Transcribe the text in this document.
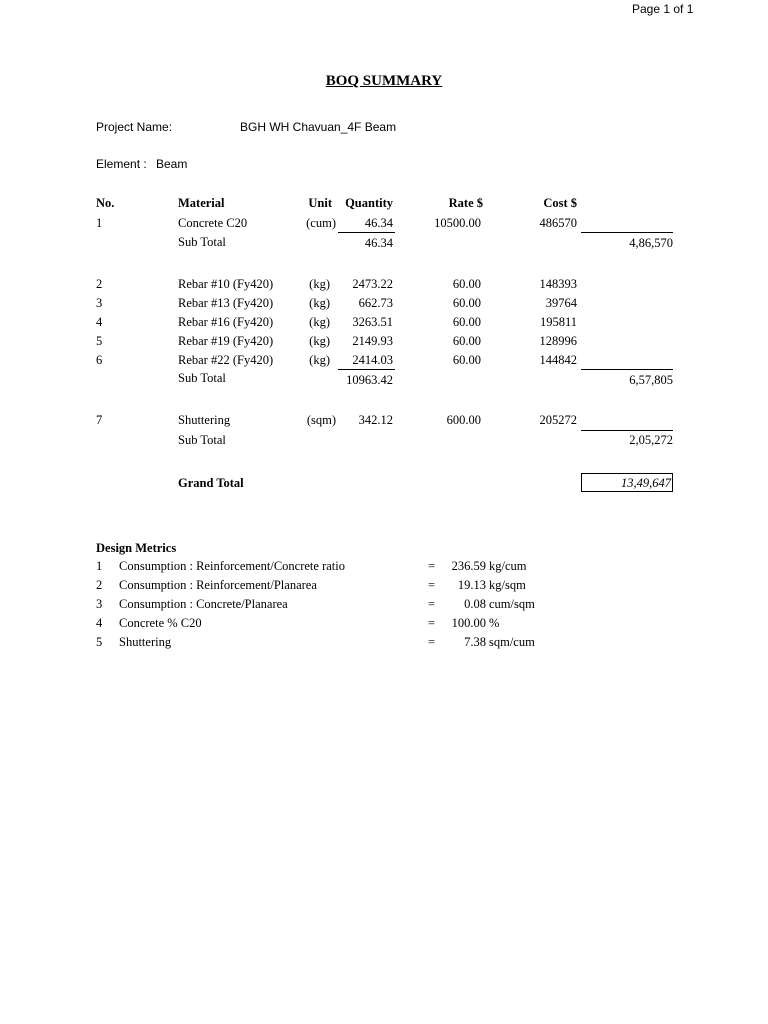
Page 1 of 1
BOQ SUMMARY
Project Name:	BGH WH Chavuan_4F Beam
Element : Beam
No.	Material	Unit	Quantity	Rate $	Cost $
1	Concrete C20	(cum)	46.34	10500.00	486570
Sub Total	46.34	4,86,570
2	Rebar #10 (Fy420)	(kg)	2473.22	60.00	148393
3	Rebar #13 (Fy420)	(kg)	662.73	60.00	39764
4	Rebar #16 (Fy420)	(kg)	3263.51	60.00	195811
5	Rebar #19 (Fy420)	(kg)	2149.93	60.00	128996
6	Rebar #22 (Fy420)	(kg)	2414.03	60.00	144842
Sub Total	10963.42	6,57,805
7	Shuttering	(sqm)	342.12	600.00	205272
Sub Total	2,05,272
Grand Total	13,49,647
Design Metrics
1 Consumption : Reinforcement/Concrete ratio	=	236.59 kg/cum
2 Consumption : Reinforcement/Planarea	=	19.13 kg/sqm
3 Consumption : Concrete/Planarea	=	0.08 cum/sqm
4 Concrete % C20	=	100.00 %
5 Shuttering	=	7.38 sqm/cum
